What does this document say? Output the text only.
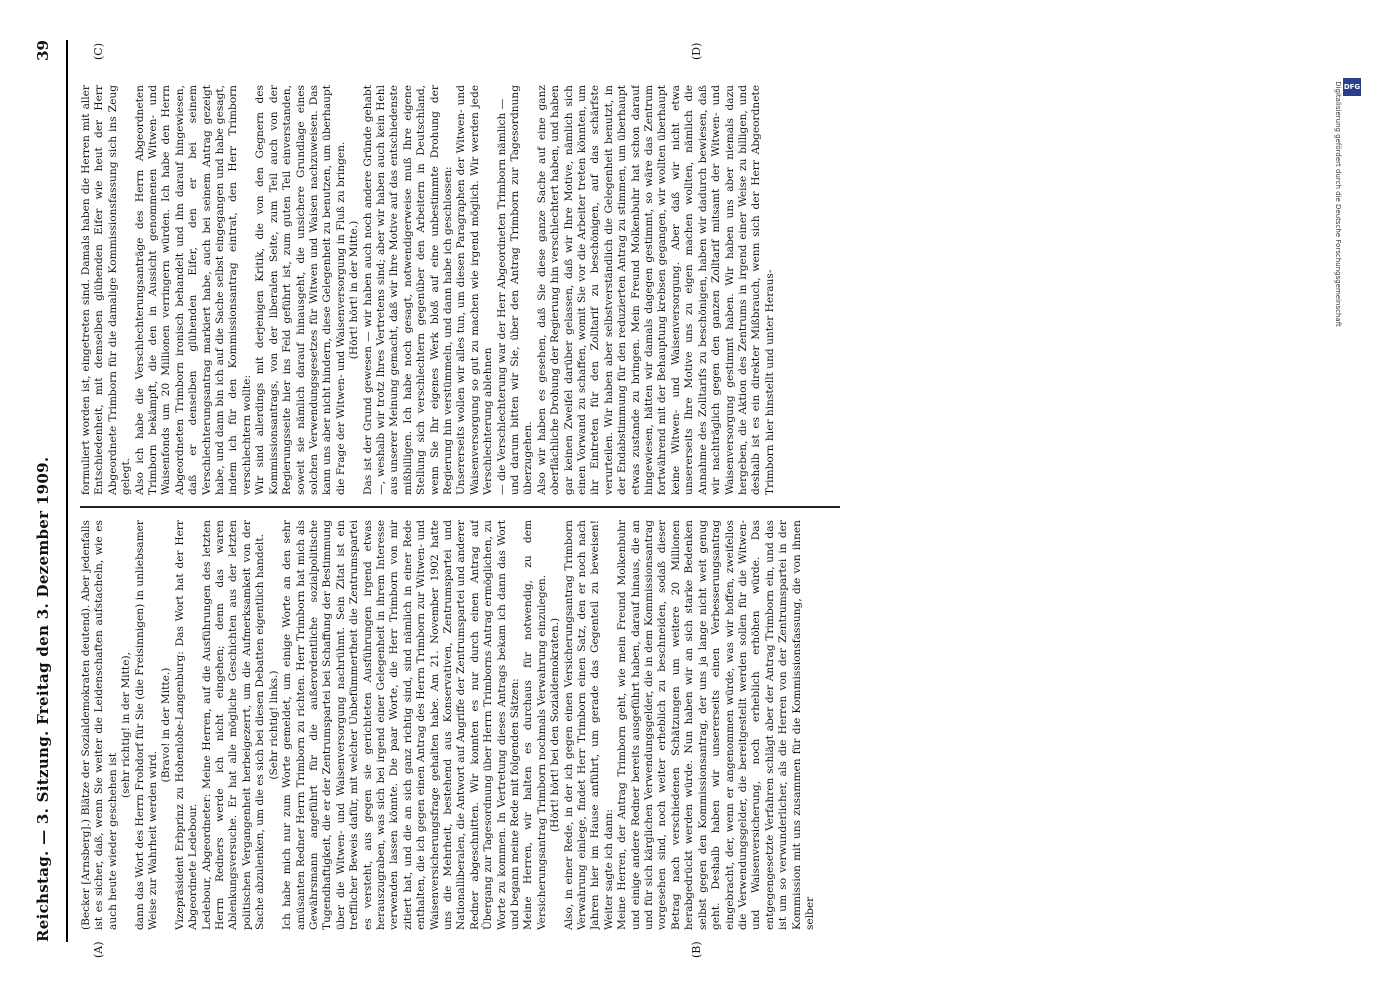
Reichstag. — 3. Sitzung. Freitag den 3. Dezember 1909.
39
(A)	(B)
(C)	(D)

(Becker [Arnsberg].) Blätze der Sozialdemokraten deutend). Aber jedenfalls ist es sicher, daß, wenn Sie weiter die Leidenschaften aufstacheln, wie es auch heute wieder geschehen ist

(sehr richtig! in der Mitte), dann das Wort des Herrn Frohdorf für Sie (die Freisinnigen) in unliebsamer Weise zur Wahrheit werden wird.

(Bravo! in der Mitte.) Vizepräsident Erbprinz zu Hohenlohe-Langenburg: Das Wort hat der Herr Abgeordnete Ledebour. Ledebour, Abgeordneter: Meine Herren, auf die Ausführungen des letzten Herrn Redners werde ich nicht eingehen; denn das waren Ablenkungsversuche. Er hat alle mögliche Geschichten aus der letzten politischen Vergangenheit herbeigezerrt, um die Aufmerksamkeit von der Sache abzulenken, um die es sich bei diesen Debatten eigentlich handelt. (Sehr richtig! links.) Ich habe mich nur zum Worte gemeldet, um einige Worte an den sehr amüsanten Redner Herrn Trimborn zu richten. Herr Trimborn hat mich als Gewährsmann angeführt für die außerordentliche sozialpolitische Tugendhaftigkeit, die er der Zentrumspartei bei Schaffung der Bestimmung über die Witwen- und Waisenversorgung nachrühmt. Sein Zitat ist ein trefflicher Beweis dafür, mit welcher Unbefümmertheit die Zentrumspartei es versteht, aus gegen sie gerichteten Ausführungen irgend etwas herauszugraben, was sich bei irgend einer Gelegenheit in ihrem Interesse verwenden lassen könnte. Die paar Worte, die Herr Trimborn von mir zitiert hat, und die an sich ganz richtig sind, sind nämlich in einer Rede enthalten, die ich gegen einen Antrag des Herrn Trimborn zur Witwen- und Waisenversicherungsfrage gehalten habe. Am 21. November 1902 hatte uns die Mehrheit, bestehend aus Konservativen, Zentrumspartei und Nationalliberalen, die Antwort auf Angriffe der Zentrumspartei und anderer Redner abgeschnitten. Wir konnten es nur durch einen Antrag auf Übergang zur Tagesordnung über Herrn Trimborns Antrag ermöglichen, zu Worte zu kommen. In Vertretung dieses Antrags bekam ich dann das Wort und begann meine Rede mit folgenden Sätzen: Meine Herren, wir halten es durchaus für notwendig, zu dem Versicherungsantrag Trimborn nochmals Verwahrung einzulegen. (Hört! hört! bei den Sozialdemokraten.) Also, in einer Rede, in der ich gegen einen Versicherungsantrag Trimborn Verwahrung einlege, findet Herr Trimborn einen Satz, den er noch nach Jahren hier im Hause anführt, um gerade das Gegenteil zu beweisen! Weiter sagte ich dann: Meine Herren, der Antrag Trimborn geht, wie mein Freund Molkenbuhr und einige andere Redner bereits ausgeführt haben, darauf hinaus, die an und für sich kärglichen Verwendungsgelder, die in dem Kommissionsantrag vorgesehen sind, noch weiter erheblich zu beschneiden, sodaß dieser Betrag nach verschiedenen Schätzungen um weitere 20 Millionen herabgedrückt werden würde. Nun haben wir an sich starke Bedenken selbst gegen den Kommissionsantrag, der uns ja lange nicht weit genug geht. Deshalb haben wir unsererseits einen Verbesserungsantrag eingebracht, der, wenn er angenommen würde, was wir hoffen, zweifellos die Verwendungsgelder, die bereitgestellt werden sollen für die Witwen- und Waisenversicherung, noch erheblich erhöhen würde. Das entgegengesetzte Verfahren schlägt aber der Antrag Trimborn ein, und das ist um so verwunderlicher, als die Herren von der Zentrumspartei in der Kommission mit uns zusammen für die Kommissionsfassung, die von ihnen selber

formuliert worden ist, eingetreten sind. Damals haben die Herren mit aller Entschiedenheit, mit demselben glühenden Eifer wie heut der Herr Abgeordnete Trimborn für die damalige Kommissionsfassung sich ins Zeug gelegt. Also ich habe die Verschlechterungsanträge des Herrn Abgeordneten Trimborn bekämpft, die den in Aussicht genommenen Witwen- und Waisenfonds um 20 Millionen verringern würden. Ich habe den Herrn Abgeordneten Trimborn ironisch behandelt und ihn darauf hingewiesen, daß er denselben glühenden Eifer, den er bei seinem Verschlechterungsantrag markiert habe, auch bei seinem Antrag gezeigt habe, und dann bin ich auf die Sache selbst eingegangen und habe gesagt, indem ich für den Kommissionsantrag eintrat, den Herr Trimborn verschlechtern wollte: Wir sind allerdings mit derjenigen Kritik, die von den Gegnern des Kommissionsantrags, von der liberalen Seite, zum Teil auch von der Regierungsseite hier ins Feld geführt ist, zum guten Teil einverstanden, soweit sie nämlich darauf hinausgeht, die unsichere Grundlage eines solchen Verwendungsgesetzes für Witwen und Waisen nachzuweisen. Das kann uns aber nicht hindern, diese Gelegenheit zu benutzen, um überhaupt die Frage der Witwen- und Waisenversorgung in Fluß zu bringen. (Hört! hört! in der Mitte.) Das ist der Grund gewesen — wir haben auch noch andere Gründe gehabt —, weshalb wir trotz Ihres Vertretens sind; aber wir haben auch kein Hehl aus unserer Meinung gemacht, daß wir Ihre Motive auf das entschiedenste mißbilligen. Ich habe noch gesagt, notwendigerweise muß Ihre eigene Stellung sich verschlechtern gegenüber den Arbeitern in Deutschland, wenn Sie Ihr eigenes Werk bloß auf eine unbestimmte Drohung der Regierung hin verstümmeln, und dann habe ich geschlossen: Unsererseits wollen wir alles tun, um diesen Paragraphen der Witwen- und Waisenversorgung so gut zu machen wie irgend möglich. Wir werden jede Verschlechterung ablehnen — die Verschlechterung war der Herr Abgeordneten Trimborn nämlich — und darum bitten wir Sie, über den Antrag Trimborn zur Tagesordnung überzugehen. Also wir haben es gesehen, daß Sie diese ganze Sache auf eine ganz oberflächliche Drohung der Regierung hin verschlechtert haben, und haben gar keinen Zweifel darüber gelassen, daß wir Ihre Motive, nämlich sich einen Vorwand zu schaffen, womit Sie vor die Arbeiter treten könnten, um ihr Eintreten für den Zolltarif zu beschönigen, auf das schärfste verurteilen. Wir haben aber selbstverständlich die Gelegenheit benutzt, in der Endabstimmung für den reduzierten Antrag zu stimmen, um überhaupt etwas zustande zu bringen. Mein Freund Molkenbuhr hat schon darauf hingewiesen, hätten wir damals dagegen gestimmt, so wäre das Zentrum fortwährend mit der Behauptung krebsen gegangen, wir wollten überhaupt keine Witwen- und Waisenversorgung. Aber daß wir nicht etwa unsererseits Ihre Motive uns zu eigen machen wollten, nämlich die Annahme des Zolltarifs zu beschönigen, haben wir dadurch bewiesen, daß wir nachträglich gegen den ganzen Zolltarif mitsamt der Witwen- und Waisenversorgung gestimmt haben. Wir haben uns aber niemals dazu hergeben, die Aktion des Zentrums in irgend einer Weise zu billigen, und deshalb ist es ein direkter Mißbrauch, wenn sich der Herr Abgeordnete Trimborn hier hinstellt und unter Heraus-

DFG
Digitalisierung gefördert durch die Deutsche Forschungsgemeinschaft
